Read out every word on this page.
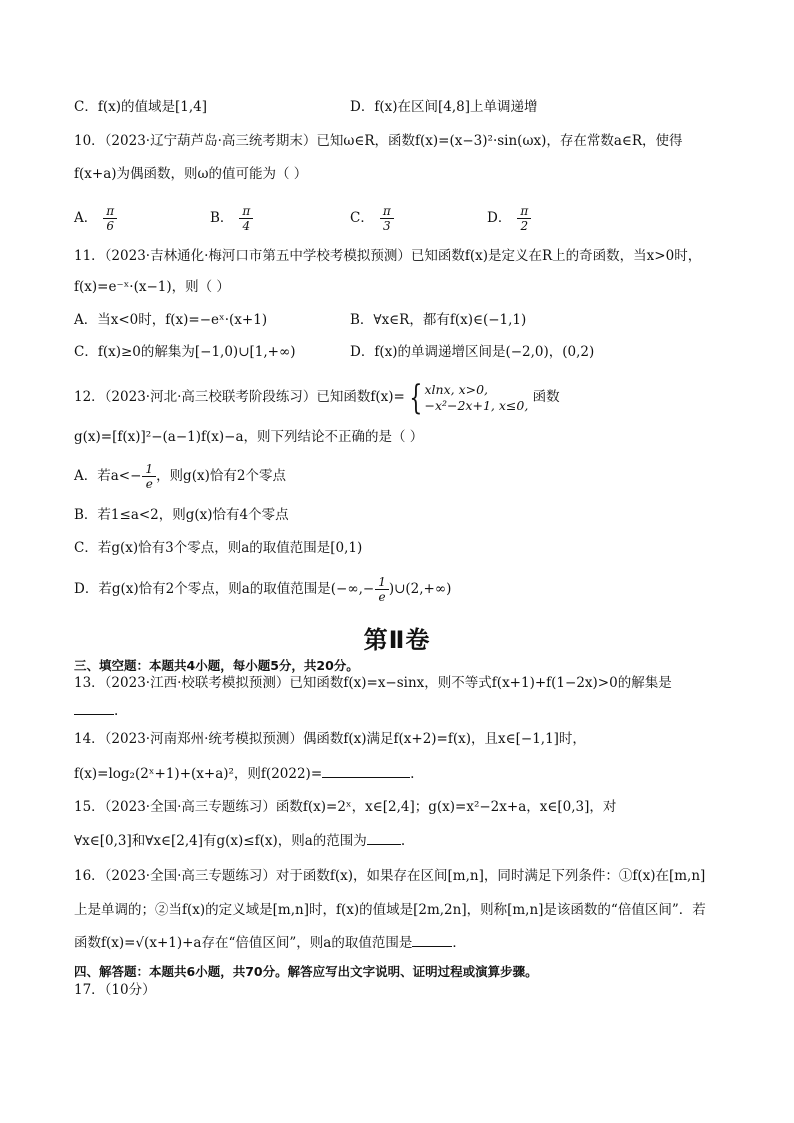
C．f(x)的值域是[1,4]	D．f(x)在区间[4,8]上单调递增
10．（2023·辽宁葫芦岛·高三统考期末）已知ω∈R，函数f(x)=(x−3)²·sin(ωx)，存在常数a∈R，使得
f(x+a)为偶函数，则ω的值可能为（ ）
A． $\frac{\pi}{6}$	B． $\frac{\pi}{4}$	C． $\frac{\pi}{3}$	D． $\frac{\pi}{2}$
11．（2023·吉林通化·梅河口市第五中学校考模拟预测）已知函数f(x)是定义在R上的奇函数，当x>0时，
f(x)=e⁻ˣ·(x−1)，则（ ）
A．当x<0时，f(x)=−eˣ·(x+1)	B．∀x∈R，都有f(x)∈(−1,1)
C．f(x)≥0的解集为[−1,0)∪[1,+∞)	D．f(x)的单调递增区间是(−2,0)，(0,2)
12．（2023·河北·高三校联考阶段练习）已知函数f(x)= { xlnx, x>0,
−x²−2x+1, x≤0, 函数
g(x)=[f(x)]²−(a−1)f(x)−a，则下列结论不正确的是（ ）
A．若$a<- \frac{1}{e}$ ，则g(x)恰有2个零点
B．若1≤a<2，则g(x)恰有4个零点
C．若g(x)恰有3个零点，则a的取值范围是[0,1)
D．若g(x)恰有2个零点，则a的取值范围是(−∞,− $\frac{1}{e}$ )∪(2,+∞)
第Ⅱ卷
三、填空题：本题共4小题，每小题5分，共20分。
13．（2023·江西·校联考模拟预测）已知函数f(x)=x−sinx，则不等式f(x+1)+f(1−2x)>0的解集是
.
14．（2023·河南郑州·统考模拟预测）偶函数f(x)满足f(x+2)=f(x)，且x∈[−1,1]时，
f(x)=log₂(2ˣ+1)+(x+a)²，则f(2022)=	.
15．（2023·全国·高三专题练习）函数f(x)=2ˣ，x∈[2,4]；g(x)=x²−2x+a，x∈[0,3]，对
∀x∈[0,3]和∀x∈[2,4]有g(x)≤f(x)，则a的范围为	.
16．（2023·全国·高三专题练习）对于函数f(x)，如果存在区间[m,n]，同时满足下列条件：①f(x)在[m,n]
上是单调的；②当f(x)的定义域是[m,n]时，f(x)的值域是[2m,2n]，则称[m,n]是该函数的“倍值区间”．若
函数f(x)=√(x+1)+a存在“倍值区间”，则a的取值范围是	．
四、解答题：本题共6小题，共70分。解答应写出文字说明、证明过程或演算步骤。
17．（10分）
